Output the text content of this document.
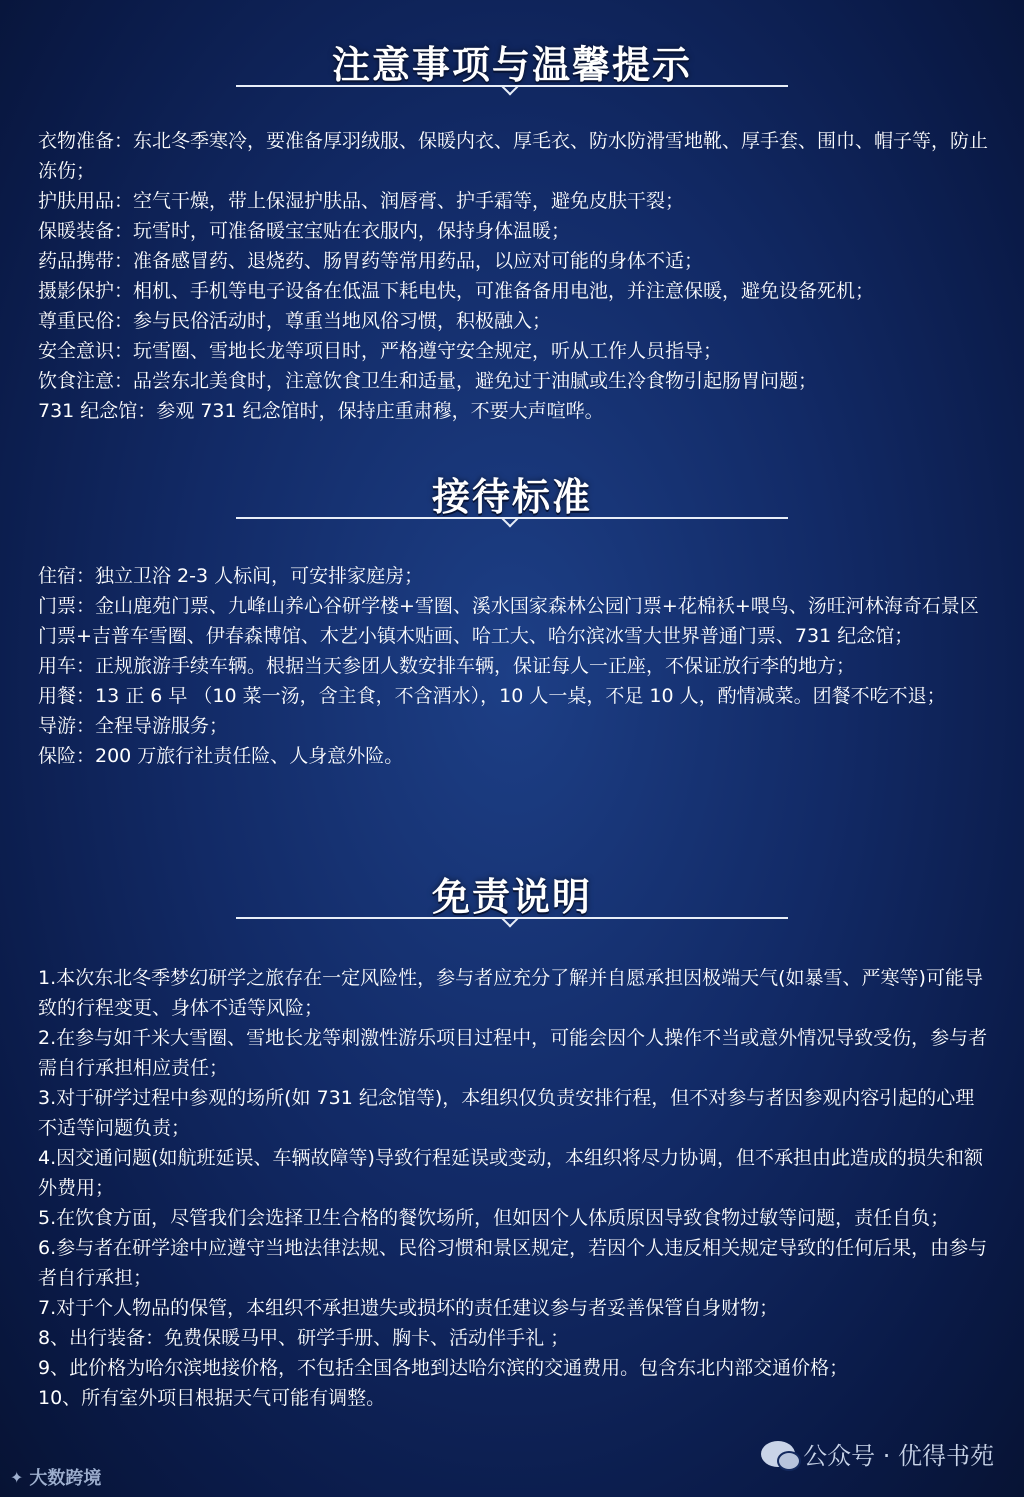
注意事项与温馨提示

衣物准备：东北冬季寒冷，要准备厚羽绒服、保暖内衣、厚毛衣、防水防滑雪地靴、厚手套、围巾、帽子等，防止冻伤；

护肤用品：空气干燥，带上保湿护肤品、润唇膏、护手霜等，避免皮肤干裂；

保暖装备：玩雪时，可准备暖宝宝贴在衣服内，保持身体温暖；

药品携带：准备感冒药、退烧药、肠胃药等常用药品，以应对可能的身体不适；

摄影保护：相机、手机等电子设备在低温下耗电快，可准备备用电池，并注意保暖，避免设备死机；

尊重民俗：参与民俗活动时，尊重当地风俗习惯，积极融入；

安全意识：玩雪圈、雪地长龙等项目时，严格遵守安全规定，听从工作人员指导；

饮食注意：品尝东北美食时，注意饮食卫生和适量，避免过于油腻或生冷食物引起肠胃问题；

731 纪念馆：参观 731 纪念馆时，保持庄重肃穆，不要大声喧哗。

接待标准

住宿：独立卫浴 2-3 人标间，可安排家庭房；

门票：金山鹿苑门票、九峰山养心谷研学楼+雪圈、溪水国家森林公园门票+花棉袄+喂鸟、汤旺河林海奇石景区门票+吉普车雪圈、伊春森博馆、木艺小镇木贴画、哈工大、哈尔滨冰雪大世界普通门票、731 纪念馆；

用车：正规旅游手续车辆。根据当天参团人数安排车辆，保证每人一正座，不保证放行李的地方；

用餐：13 正 6 早 （10 菜一汤，含主食，不含酒水），10 人一桌，不足 10 人，酌情减菜。团餐不吃不退；

导游：全程导游服务；

保险：200 万旅行社责任险、人身意外险。

免责说明

1.本次东北冬季梦幻研学之旅存在一定风险性，参与者应充分了解并自愿承担因极端天气(如暴雪、严寒等)可能导致的行程变更、身体不适等风险；

2.在参与如千米大雪圈、雪地长龙等刺激性游乐项目过程中，可能会因个人操作不当或意外情况导致受伤，参与者需自行承担相应责任；

3.对于研学过程中参观的场所(如 731 纪念馆等)，本组织仅负责安排行程，但不对参与者因参观内容引起的心理不适等问题负责；

4.因交通问题(如航班延误、车辆故障等)导致行程延误或变动，本组织将尽力协调，但不承担由此造成的损失和额外费用；

5.在饮食方面，尽管我们会选择卫生合格的餐饮场所，但如因个人体质原因导致食物过敏等问题，责任自负；

6.参与者在研学途中应遵守当地法律法规、民俗习惯和景区规定，若因个人违反相关规定导致的任何后果，由参与者自行承担；

7.对于个人物品的保管，本组织不承担遗失或损坏的责任建议参与者妥善保管自身财物；

8、出行装备：免费保暖马甲、研学手册、胸卡、活动伴手礼 ；

9、此价格为哈尔滨地接价格，不包括全国各地到达哈尔滨的交通费用。包含东北内部交通价格；

10、所有室外项目根据天气可能有调整。

公众号 · 优得书苑
✦ 大数跨境
